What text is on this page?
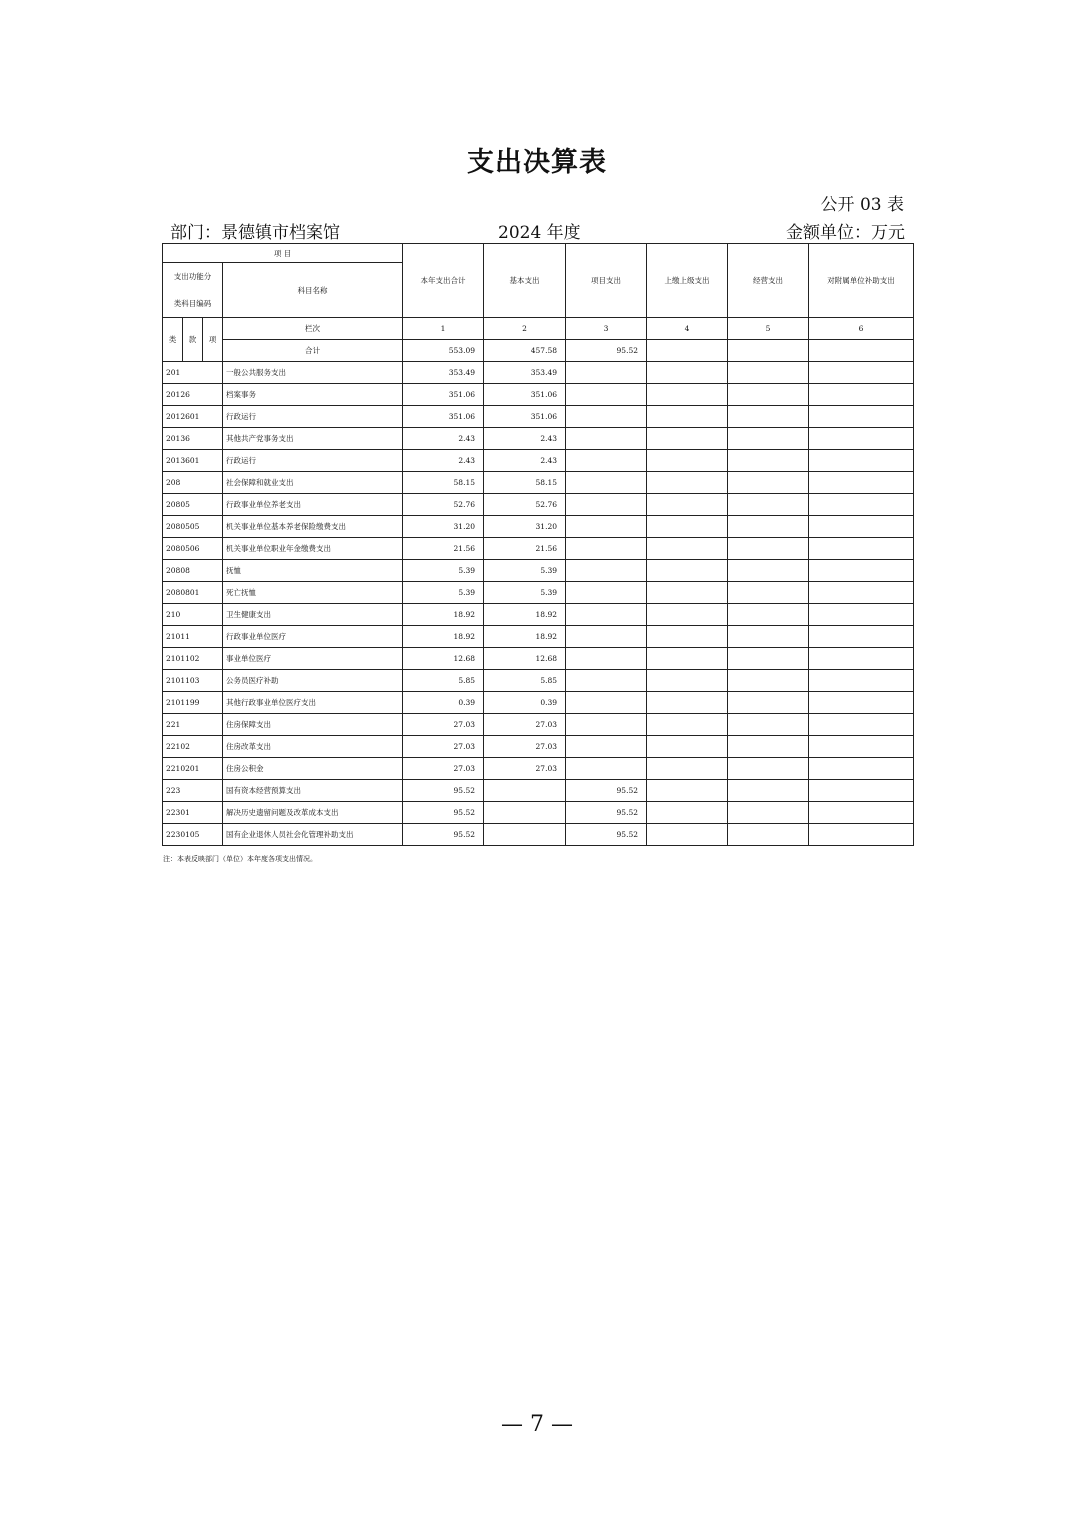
支出决算表
公开 03 表
部门：景德镇市档案馆	2024 年度	金额单位：万元
项 目				本年支出合计	基本支出	项目支出	上缴上级支出	经营支出	对附属单位补助支出
支出功能分
类科目编码			科目名称						

类	款	项	栏次	1	2	3	4	5	6
			合计	553.09	457.58	95.52			
201			一般公共服务支出	353.49	353.49				
20126			档案事务	351.06	351.06				
2012601			行政运行	351.06	351.06				
20136			其他共产党事务支出	2.43	2.43				
2013601			行政运行	2.43	2.43				
208			社会保障和就业支出	58.15	58.15				
20805			行政事业单位养老支出	52.76	52.76				
2080505			机关事业单位基本养老保险缴费支出	31.20	31.20				
2080506			机关事业单位职业年金缴费支出	21.56	21.56				
20808			抚恤	5.39	5.39				
2080801			死亡抚恤	5.39	5.39				
210			卫生健康支出	18.92	18.92				
21011			行政事业单位医疗	18.92	18.92				
2101102			事业单位医疗	12.68	12.68				
2101103			公务员医疗补助	5.85	5.85				
2101199			其他行政事业单位医疗支出	0.39	0.39				
221			住房保障支出	27.03	27.03				
22102			住房改革支出	27.03	27.03				
2210201			住房公积金	27.03	27.03				
223			国有资本经营预算支出	95.52		95.52			
22301			解决历史遗留问题及改革成本支出	95.52		95.52			
2230105			国有企业退休人员社会化管理补助支出	95.52		95.52			
注：本表反映部门（单位）本年度各项支出情况。
— 7 —
